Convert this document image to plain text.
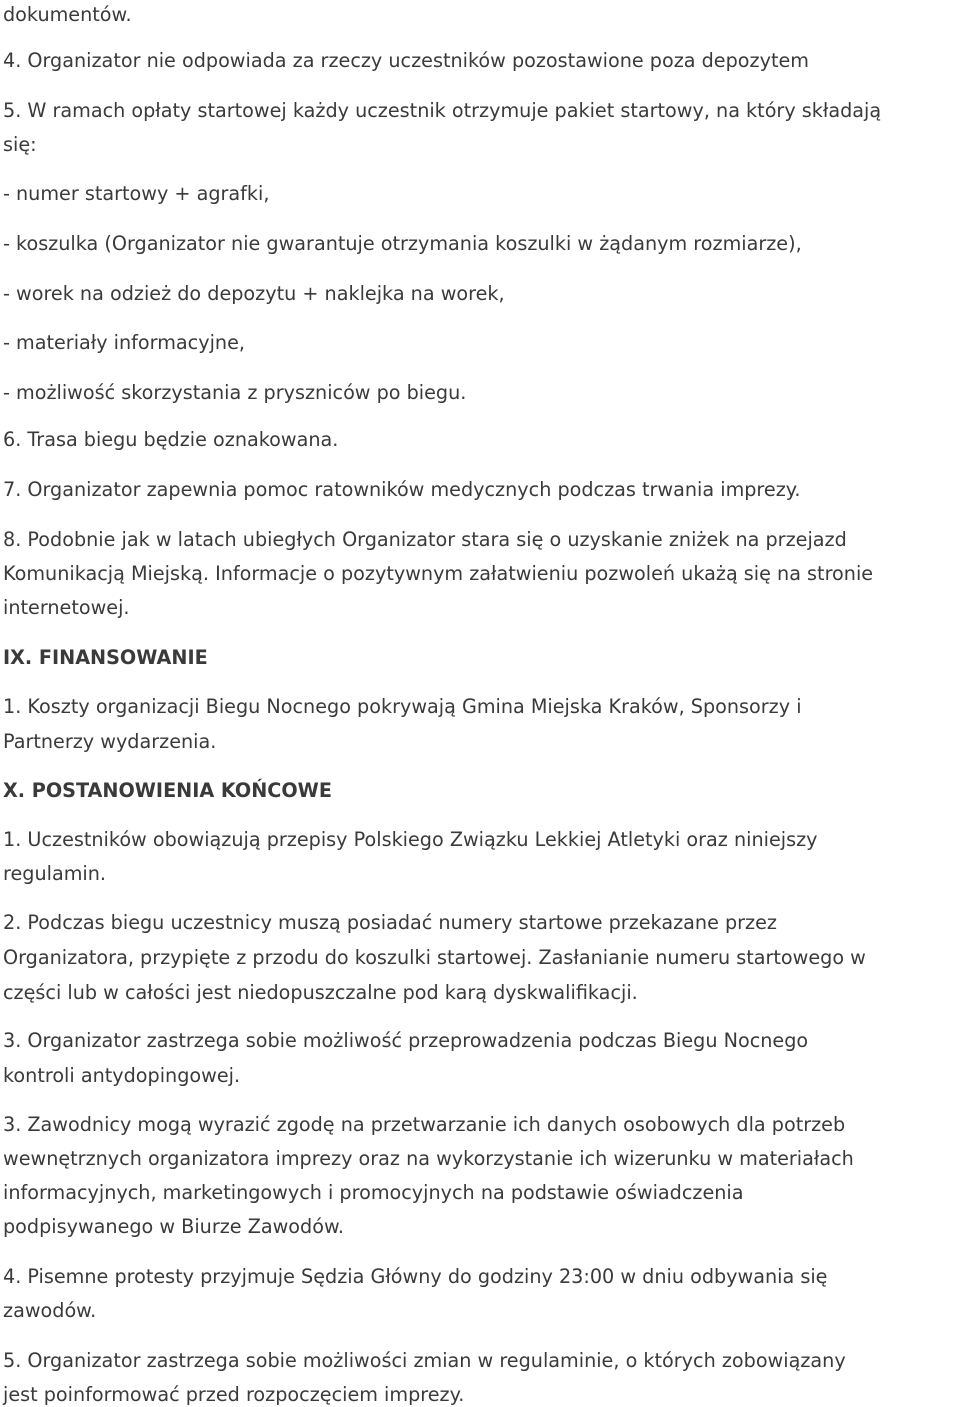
dokumentów.
4. Organizator nie odpowiada za rzeczy uczestników pozostawione poza depozytem
5. W ramach opłaty startowej każdy uczestnik otrzymuje pakiet startowy, na który składają
się:
- numer startowy + agrafki,
- koszulka (Organizator nie gwarantuje otrzymania koszulki w żądanym rozmiarze),
- worek na odzież do depozytu + naklejka na worek,
- materiały informacyjne,
- możliwość skorzystania z pryszniców po biegu.
6. Trasa biegu będzie oznakowana.
7. Organizator zapewnia pomoc ratowników medycznych podczas trwania imprezy.
8. Podobnie jak w latach ubiegłych Organizator stara się o uzyskanie zniżek na przejazd
Komunikacją Miejską. Informacje o pozytywnym załatwieniu pozwoleń ukażą się na stronie
internetowej.
IX. FINANSOWANIE
1. Koszty organizacji Biegu Nocnego pokrywają Gmina Miejska Kraków, Sponsorzy i
Partnerzy wydarzenia.
X. POSTANOWIENIA KOŃCOWE
1. Uczestników obowiązują przepisy Polskiego Związku Lekkiej Atletyki oraz niniejszy
regulamin.
2. Podczas biegu uczestnicy muszą posiadać numery startowe przekazane przez
Organizatora, przypięte z przodu do koszulki startowej. Zasłanianie numeru startowego w
części lub w całości jest niedopuszczalne pod karą dyskwalifikacji.
3. Organizator zastrzega sobie możliwość przeprowadzenia podczas Biegu Nocnego
kontroli antydopingowej.
3. Zawodnicy mogą wyrazić zgodę na przetwarzanie ich danych osobowych dla potrzeb
wewnętrznych organizatora imprezy oraz na wykorzystanie ich wizerunku w materiałach
informacyjnych, marketingowych i promocyjnych na podstawie oświadczenia
podpisywanego w Biurze Zawodów.
4. Pisemne protesty przyjmuje Sędzia Główny do godziny 23:00 w dniu odbywania się
zawodów.
5. Organizator zastrzega sobie możliwości zmian w regulaminie, o których zobowiązany
jest poinformować przed rozpoczęciem imprezy.
